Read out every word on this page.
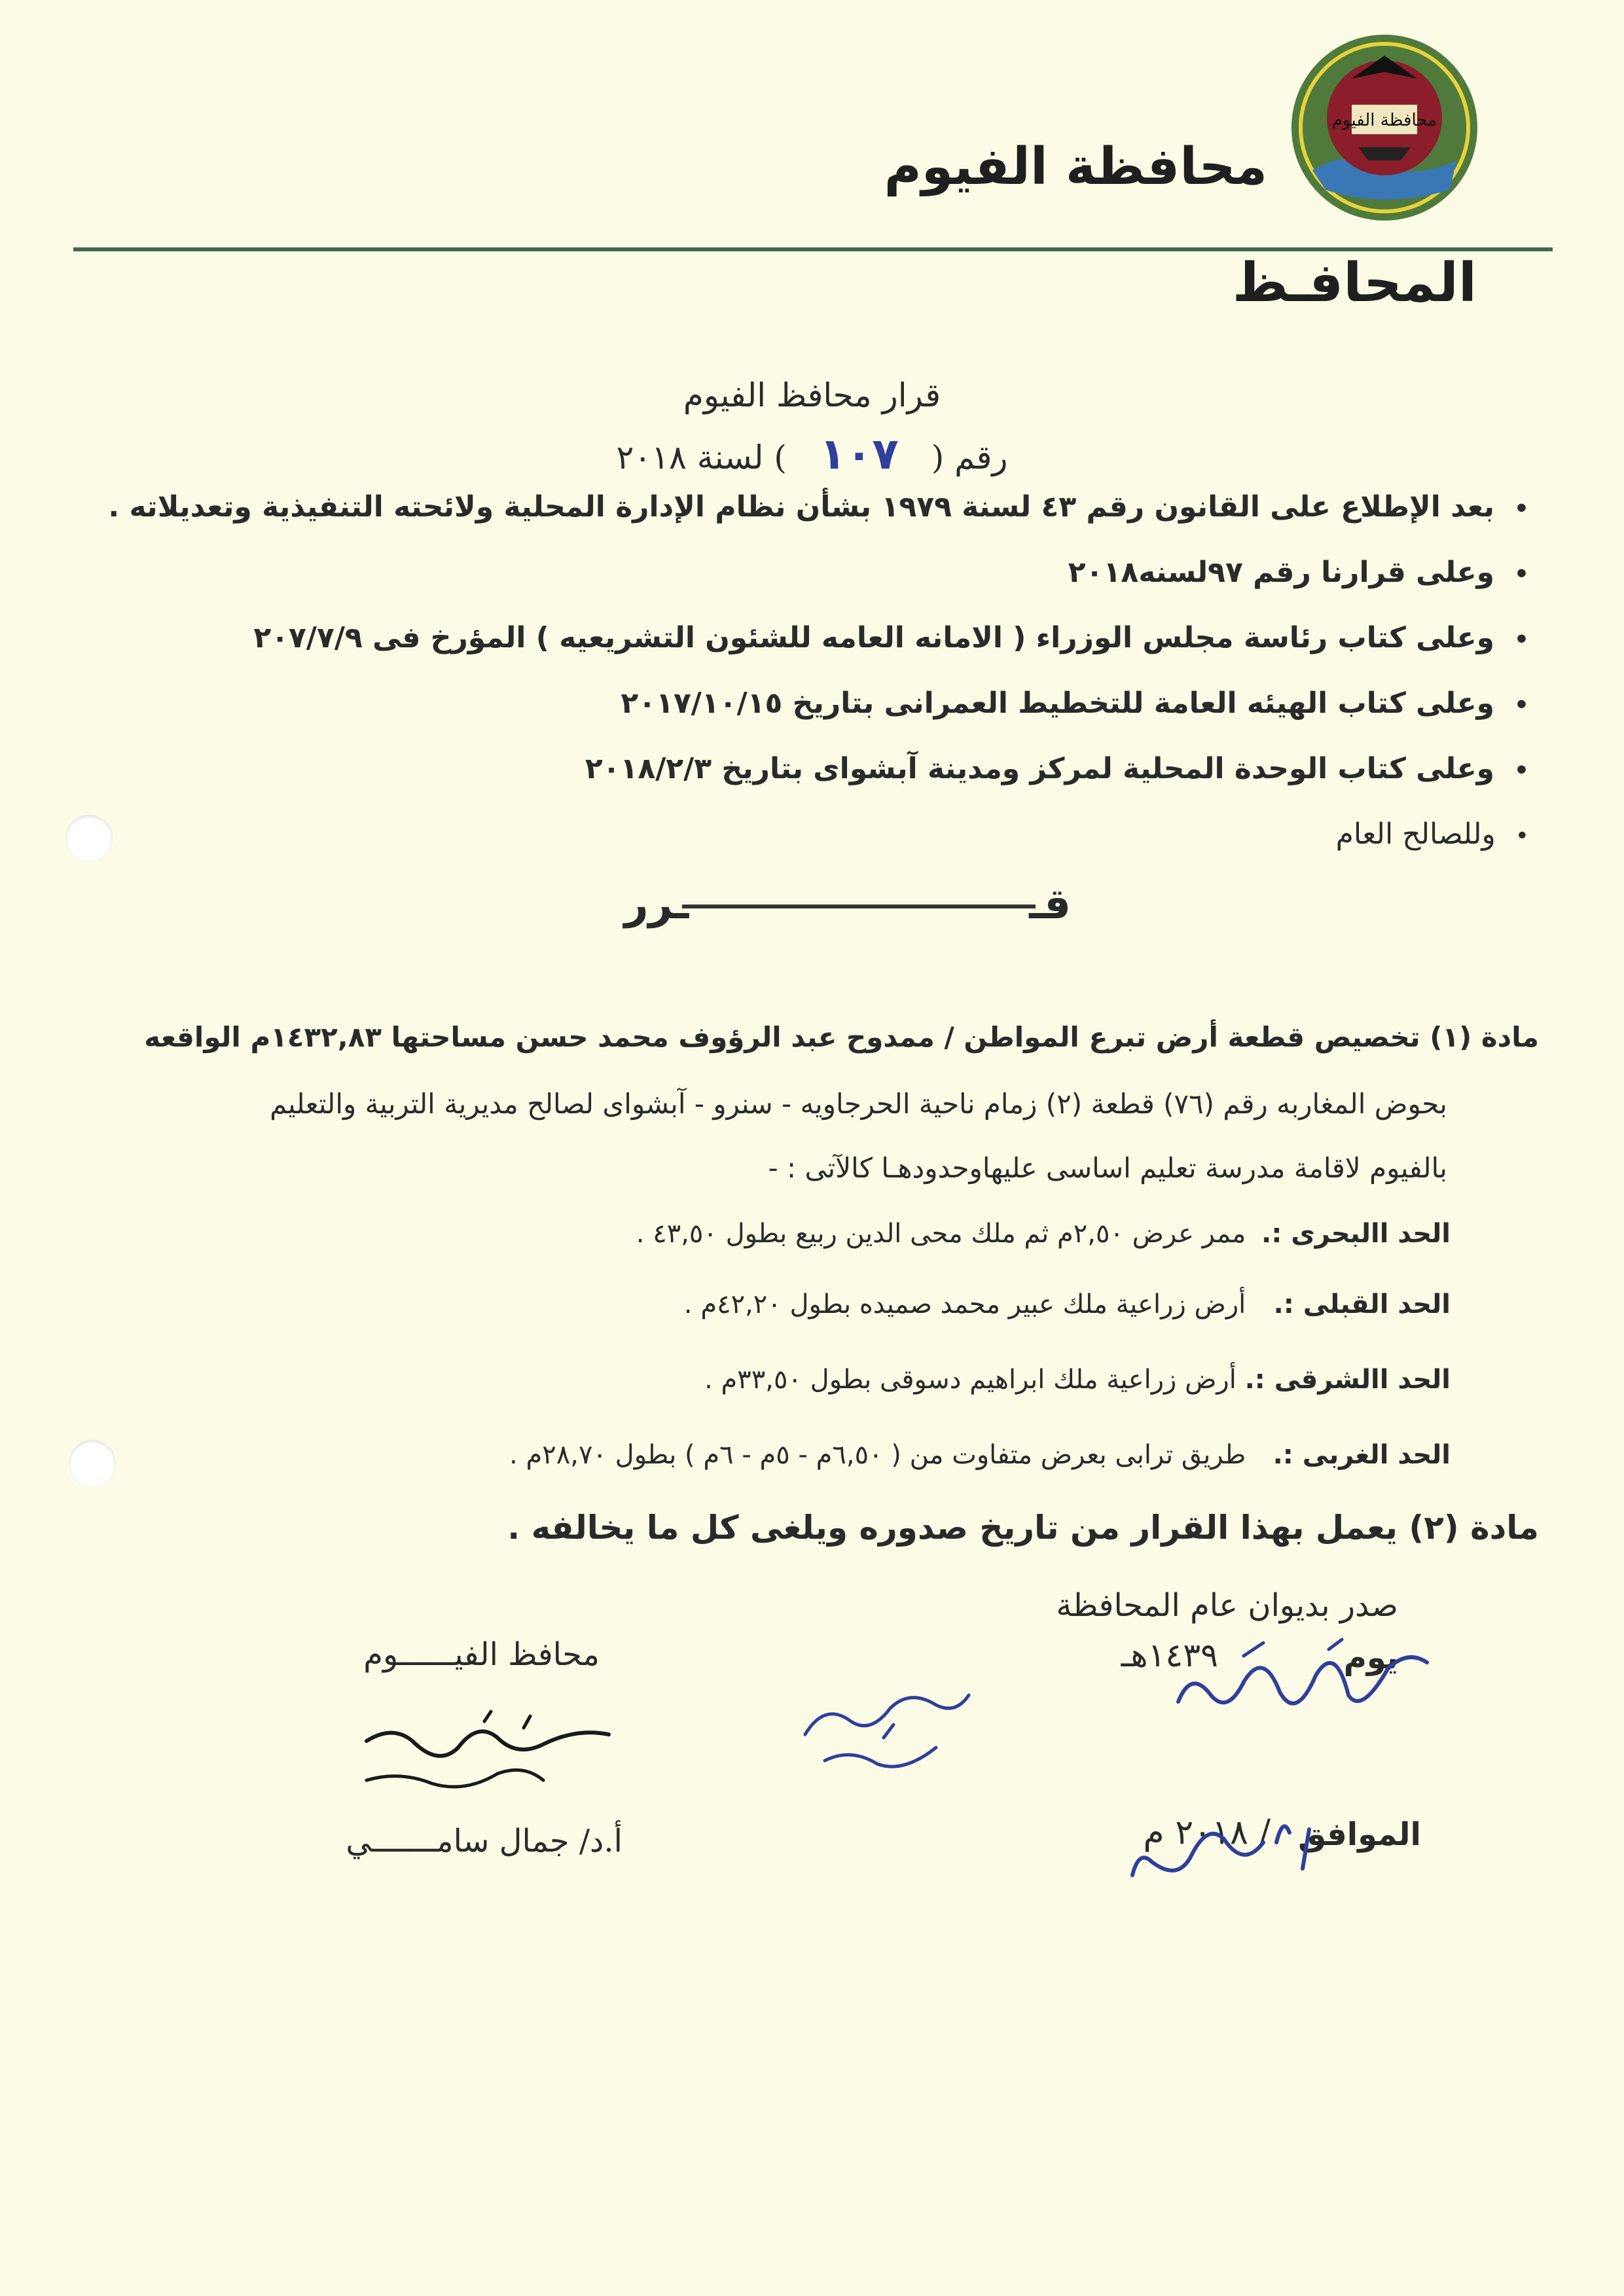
محافظة الفيوم
محافظة الفيوم
المحافـظ
قرار محافظ الفيوم
رقم (١٠٧) لسنة ٢٠١٨
• بعد الإطلاع على القانون رقم ٤٣ لسنة ١٩٧٩ بشأن نظام الإدارة المحلية ولائحته التنفيذية وتعديلاته .
• وعلى قرارنا رقم ٩٧لسنه٢٠١٨
• وعلى كتاب رئاسة مجلس الوزراء ( الامانه العامه للشئون التشريعيه ) المؤرخ فى ٢٠٧/٧/٩
• وعلى كتاب الهيئه العامة للتخطيط العمرانى بتاريخ ٢٠١٧/١٠/١٥
• وعلى كتاب الوحدة المحلية لمركز ومدينة آبشواى بتاريخ ٢٠١٨/٢/٣
• وللصالح العام
قــرر
مادة (١) تخصيص قطعة أرض تبرع المواطن / ممدوح عبد الرؤوف محمد حسن مساحتها ١٤٣٢,٨٣م الواقعه
بحوض المغاربه رقم (٧٦) قطعة (٢) زمام ناحية الحرجاويه - سنرو - آبشواى لصالح مديرية التربية والتعليم
بالفيوم لاقامة مدرسة تعليم اساسى عليهاوحدودهـا كالآتى : -
الحد االبحرى :. ممر عرض ٢,٥٠م ثم ملك محى الدين ربيع بطول ٤٣,٥٠ .
الحد القبلى :. أرض زراعية ملك عبير محمد صميده بطول ٤٢,٢٠م .
الحد االشرقى :. أرض زراعية ملك ابراهيم دسوقى بطول ٣٣,٥٠م .
الحد الغربى :. طريق ترابى بعرض متفاوت من ( ٦,٥٠م - ٥م - ٦م ) بطول ٢٨,٧٠م .
مادة (٢) يعمل بهذا القرار من تاريخ صدوره ويلغى كل ما يخالفه .
صدر بديوان عام المحافظة
يوم
١٤٣٩هـ
محافظ الفيــــــوم
الموافق
/ ٢٠١٨ م
أ.د/ جمال سامـــــــي
